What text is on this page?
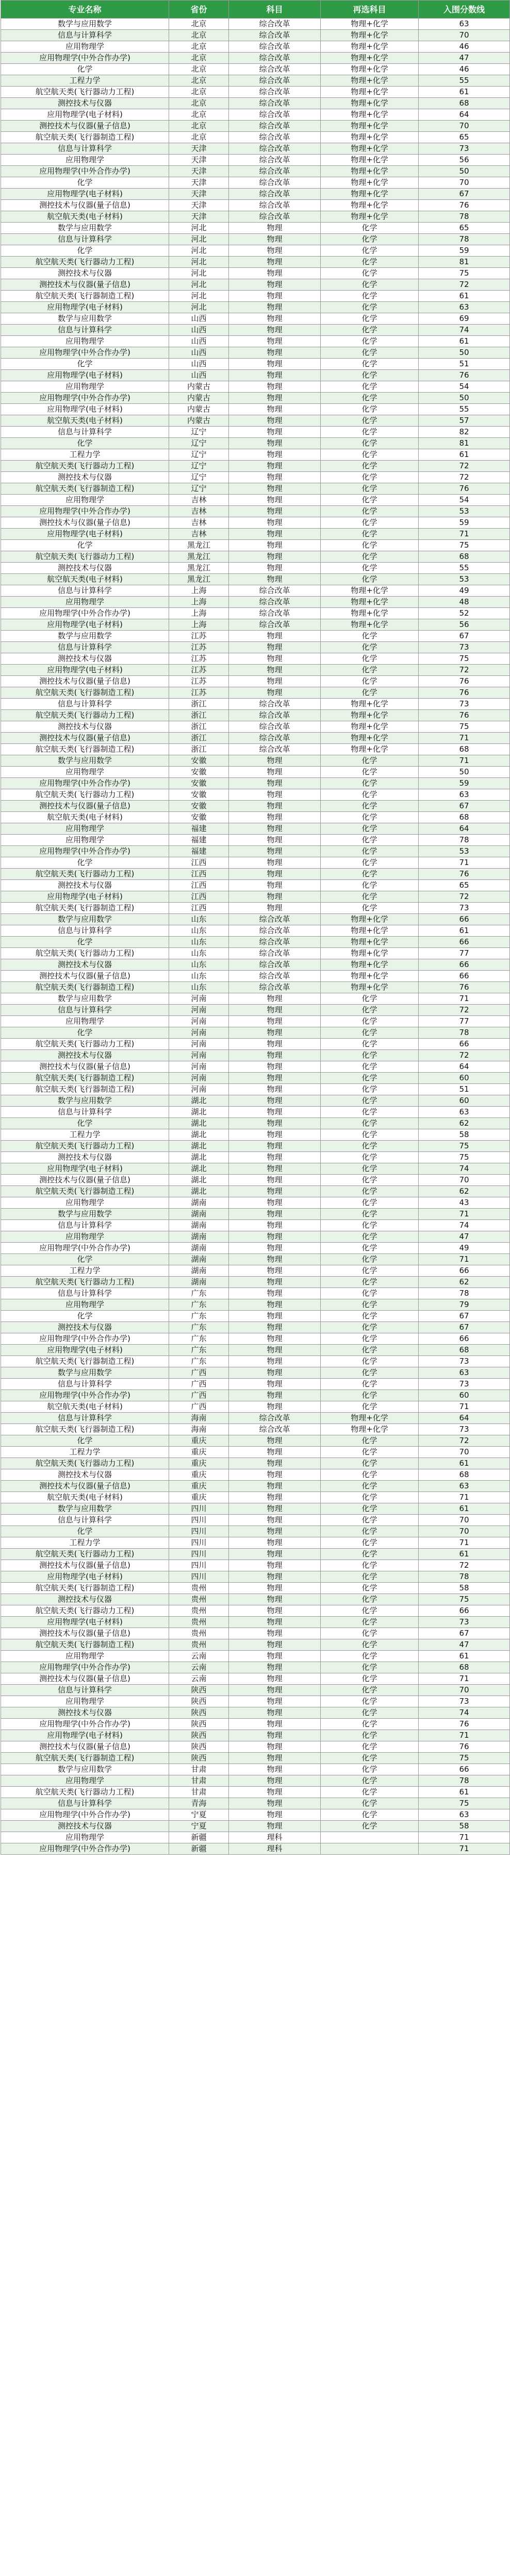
专业名称	省份	科目	再选科目	入围分数线
数学与应用数学	北京	综合改革	物理+化学	63
信息与计算科学	北京	综合改革	物理+化学	70
应用物理学	北京	综合改革	物理+化学	46
应用物理学(中外合作办学)	北京	综合改革	物理+化学	47
化学	北京	综合改革	物理+化学	46
工程力学	北京	综合改革	物理+化学	55
航空航天类(飞行器动力工程)	北京	综合改革	物理+化学	61
测控技术与仪器	北京	综合改革	物理+化学	68
应用物理学(电子材料)	北京	综合改革	物理+化学	64
测控技术与仪器(量子信息)	北京	综合改革	物理+化学	70
航空航天类(飞行器制造工程)	北京	综合改革	物理+化学	65
信息与计算科学	天津	综合改革	物理+化学	73
应用物理学	天津	综合改革	物理+化学	56
应用物理学(中外合作办学)	天津	综合改革	物理+化学	50
化学	天津	综合改革	物理+化学	70
应用物理学(电子材料)	天津	综合改革	物理+化学	67
测控技术与仪器(量子信息)	天津	综合改革	物理+化学	76
航空航天类(电子材料)	天津	综合改革	物理+化学	78
数学与应用数学	河北	物理	化学	65
信息与计算科学	河北	物理	化学	78
化学	河北	物理	化学	59
航空航天类(飞行器动力工程)	河北	物理	化学	81
测控技术与仪器	河北	物理	化学	75
测控技术与仪器(量子信息)	河北	物理	化学	72
航空航天类(飞行器制造工程)	河北	物理	化学	61
应用物理学(电子材料)	河北	物理	化学	63
数学与应用数学	山西	物理	化学	69
信息与计算科学	山西	物理	化学	74
应用物理学	山西	物理	化学	61
应用物理学(中外合作办学)	山西	物理	化学	50
化学	山西	物理	化学	51
应用物理学(电子材料)	山西	物理	化学	76
应用物理学	内蒙古	物理	化学	54
应用物理学(中外合作办学)	内蒙古	物理	化学	50
应用物理学(电子材料)	内蒙古	物理	化学	55
航空航天类(电子材料)	内蒙古	物理	化学	57
信息与计算科学	辽宁	物理	化学	82
化学	辽宁	物理	化学	81
工程力学	辽宁	物理	化学	61
航空航天类(飞行器动力工程)	辽宁	物理	化学	72
测控技术与仪器	辽宁	物理	化学	72
航空航天类(飞行器制造工程)	辽宁	物理	化学	76
应用物理学	吉林	物理	化学	54
应用物理学(中外合作办学)	吉林	物理	化学	53
测控技术与仪器(量子信息)	吉林	物理	化学	59
应用物理学(电子材料)	吉林	物理	化学	71
化学	黑龙江	物理	化学	75
航空航天类(飞行器动力工程)	黑龙江	物理	化学	68
测控技术与仪器	黑龙江	物理	化学	55
航空航天类(电子材料)	黑龙江	物理	化学	53
信息与计算科学	上海	综合改革	物理+化学	49
应用物理学	上海	综合改革	物理+化学	48
应用物理学(中外合作办学)	上海	综合改革	物理+化学	52
应用物理学(电子材料)	上海	综合改革	物理+化学	56
数学与应用数学	江苏	物理	化学	67
信息与计算科学	江苏	物理	化学	73
测控技术与仪器	江苏	物理	化学	75
应用物理学(电子材料)	江苏	物理	化学	72
测控技术与仪器(量子信息)	江苏	物理	化学	76
航空航天类(飞行器制造工程)	江苏	物理	化学	76
信息与计算科学	浙江	综合改革	物理+化学	73
航空航天类(飞行器动力工程)	浙江	综合改革	物理+化学	76
测控技术与仪器	浙江	综合改革	物理+化学	75
测控技术与仪器(量子信息)	浙江	综合改革	物理+化学	71
航空航天类(飞行器制造工程)	浙江	综合改革	物理+化学	68
数学与应用数学	安徽	物理	化学	71
应用物理学	安徽	物理	化学	50
应用物理学(中外合作办学)	安徽	物理	化学	59
航空航天类(飞行器动力工程)	安徽	物理	化学	63
测控技术与仪器(量子信息)	安徽	物理	化学	67
航空航天类(电子材料)	安徽	物理	化学	68
应用物理学	福建	物理	化学	64
应用物理学	福建	物理	化学	78
应用物理学(中外合作办学)	福建	物理	化学	53
化学	江西	物理	化学	71
航空航天类(飞行器动力工程)	江西	物理	化学	76
测控技术与仪器	江西	物理	化学	65
应用物理学(电子材料)	江西	物理	化学	72
航空航天类(飞行器制造工程)	江西	物理	化学	73
数学与应用数学	山东	综合改革	物理+化学	66
信息与计算科学	山东	综合改革	物理+化学	61
化学	山东	综合改革	物理+化学	66
航空航天类(飞行器动力工程)	山东	综合改革	物理+化学	77
测控技术与仪器	山东	综合改革	物理+化学	66
测控技术与仪器(量子信息)	山东	综合改革	物理+化学	66
航空航天类(飞行器制造工程)	山东	综合改革	物理+化学	76
数学与应用数学	河南	物理	化学	71
信息与计算科学	河南	物理	化学	72
应用物理学	河南	物理	化学	77
化学	河南	物理	化学	78
航空航天类(飞行器动力工程)	河南	物理	化学	66
测控技术与仪器	河南	物理	化学	72
测控技术与仪器(量子信息)	河南	物理	化学	64
航空航天类(飞行器制造工程)	河南	物理	化学	60
航空航天类(飞行器制造工程)	河南	物理	化学	51
数学与应用数学	湖北	物理	化学	60
信息与计算科学	湖北	物理	化学	63
化学	湖北	物理	化学	62
工程力学	湖北	物理	化学	58
航空航天类(飞行器动力工程)	湖北	物理	化学	75
测控技术与仪器	湖北	物理	化学	75
应用物理学(电子材料)	湖北	物理	化学	74
测控技术与仪器(量子信息)	湖北	物理	化学	70
航空航天类(飞行器制造工程)	湖北	物理	化学	62
应用物理学	湖南	物理	化学	43
数学与应用数学	湖南	物理	化学	71
信息与计算科学	湖南	物理	化学	74
应用物理学	湖南	物理	化学	47
应用物理学(中外合作办学)	湖南	物理	化学	49
化学	湖南	物理	化学	71
工程力学	湖南	物理	化学	66
航空航天类(飞行器动力工程)	湖南	物理	化学	62
信息与计算科学	广东	物理	化学	78
应用物理学	广东	物理	化学	79
化学	广东	物理	化学	67
测控技术与仪器	广东	物理	化学	67
应用物理学(中外合作办学)	广东	物理	化学	66
应用物理学(电子材料)	广东	物理	化学	68
航空航天类(飞行器制造工程)	广东	物理	化学	73
数学与应用数学	广西	物理	化学	63
信息与计算科学	广西	物理	化学	73
应用物理学(中外合作办学)	广西	物理	化学	60
航空航天类(电子材料)	广西	物理	化学	71
信息与计算科学	海南	综合改革	物理+化学	64
航空航天类(飞行器制造工程)	海南	综合改革	物理+化学	73
化学	重庆	物理	化学	72
工程力学	重庆	物理	化学	70
航空航天类(飞行器动力工程)	重庆	物理	化学	61
测控技术与仪器	重庆	物理	化学	68
测控技术与仪器(量子信息)	重庆	物理	化学	63
航空航天类(电子材料)	重庆	物理	化学	71
数学与应用数学	四川	物理	化学	61
信息与计算科学	四川	物理	化学	70
化学	四川	物理	化学	70
工程力学	四川	物理	化学	71
航空航天类(飞行器动力工程)	四川	物理	化学	61
测控技术与仪器(量子信息)	四川	物理	化学	72
应用物理学(电子材料)	四川	物理	化学	78
航空航天类(飞行器制造工程)	贵州	物理	化学	58
测控技术与仪器	贵州	物理	化学	75
航空航天类(飞行器动力工程)	贵州	物理	化学	66
应用物理学(电子材料)	贵州	物理	化学	73
测控技术与仪器(量子信息)	贵州	物理	化学	67
航空航天类(飞行器制造工程)	贵州	物理	化学	47
应用物理学	云南	物理	化学	61
应用物理学(中外合作办学)	云南	物理	化学	68
测控技术与仪器(量子信息)	云南	物理	化学	71
信息与计算科学	陕西	物理	化学	70
应用物理学	陕西	物理	化学	73
测控技术与仪器	陕西	物理	化学	74
应用物理学(中外合作办学)	陕西	物理	化学	76
应用物理学(电子材料)	陕西	物理	化学	71
测控技术与仪器(量子信息)	陕西	物理	化学	76
航空航天类(飞行器制造工程)	陕西	物理	化学	75
数学与应用数学	甘肃	物理	化学	66
应用物理学	甘肃	物理	化学	78
航空航天类(飞行器动力工程)	甘肃	物理	化学	61
信息与计算科学	青海	物理	化学	75
应用物理学(中外合作办学)	宁夏	物理	化学	63
测控技术与仪器	宁夏	物理	化学	58
应用物理学	新疆	理科		71
应用物理学(中外合作办学)	新疆	理科		71
